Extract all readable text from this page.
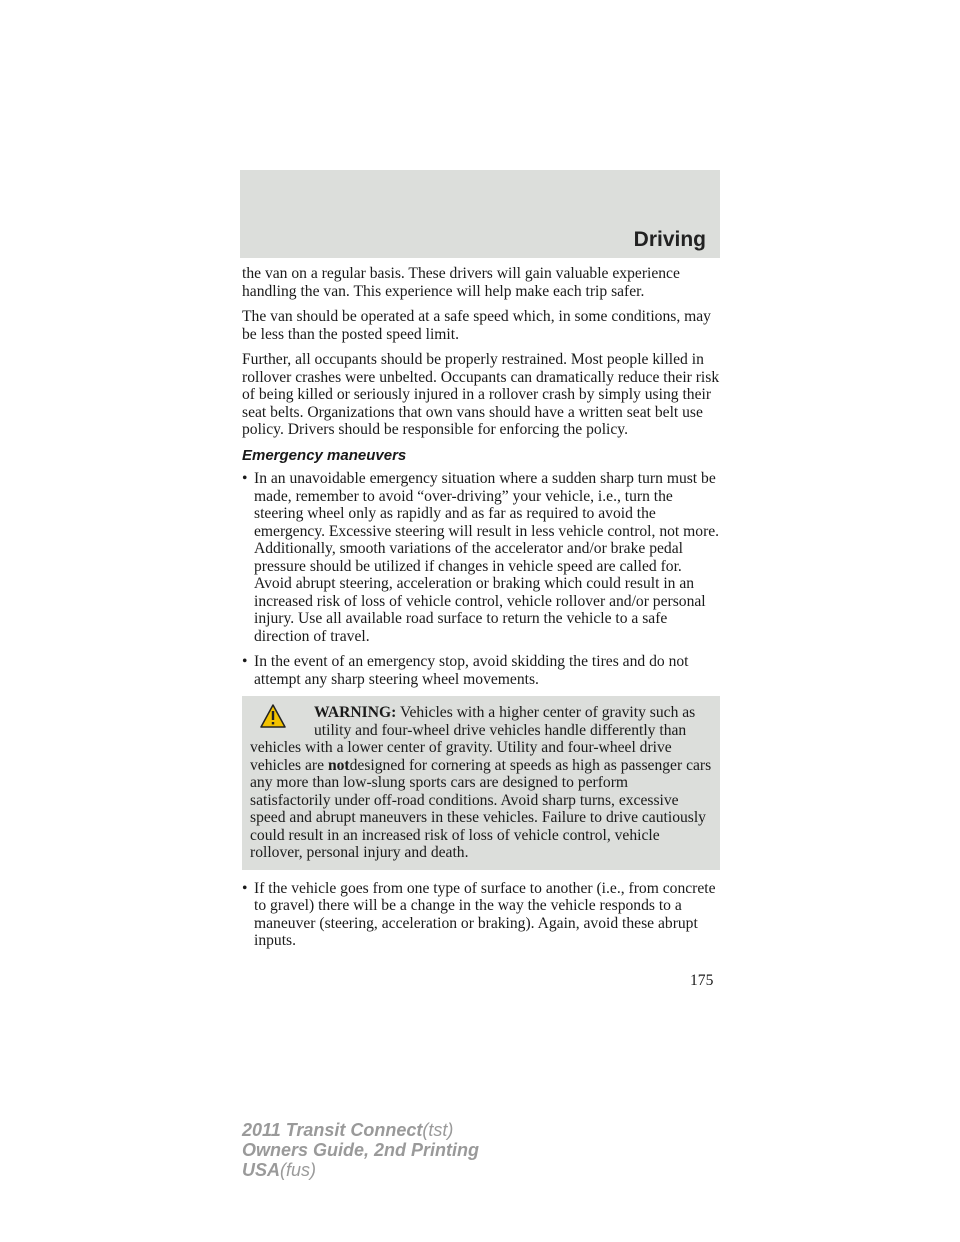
Driving

the van on a regular basis. These drivers will gain valuable experience handling the van. This experience will help make each trip safer.

The van should be operated at a safe speed which, in some conditions, may be less than the posted speed limit.

Further, all occupants should be properly restrained. Most people killed in rollover crashes were unbelted. Occupants can dramatically reduce their risk of being killed or seriously injured in a rollover crash by simply using their seat belts. Organizations that own vans should have a written seat belt use policy. Drivers should be responsible for enforcing the policy.

Emergency maneuvers
• In an unavoidable emergency situation where a sudden sharp turn must be made, remember to avoid “over-driving” your vehicle, i.e., turn the steering wheel only as rapidly and as far as required to avoid the emergency. Excessive steering will result in less vehicle control, not more. Additionally, smooth variations of the accelerator and/or brake pedal pressure should be utilized if changes in vehicle speed are called for. Avoid abrupt steering, acceleration or braking which could result in an increased risk of loss of vehicle control, vehicle rollover and/or personal injury. Use all available road surface to return the vehicle to a safe direction of travel.
• In the event of an emergency stop, avoid skidding the tires and do not attempt any sharp steering wheel movements.
WARNING: Vehicles with a higher center of gravity such as
utility and four-wheel drive vehicles handle differently than
vehicles with a lower center of gravity. Utility and four-wheel drive vehicles are notdesigned for cornering at speeds as high as passenger cars any more than low-slung sports cars are designed to perform satisfactorily under off-road conditions. Avoid sharp turns, excessive speed and abrupt maneuvers in these vehicles. Failure to drive cautiously could result in an increased risk of loss of vehicle control, vehicle rollover, personal injury and death.
• If the vehicle goes from one type of surface to another (i.e., from concrete to gravel) there will be a change in the way the vehicle responds to a maneuver (steering, acceleration or braking). Again, avoid these abrupt inputs.

175

2011 Transit Connect(tst)
Owners Guide, 2nd Printing
USA(fus)
